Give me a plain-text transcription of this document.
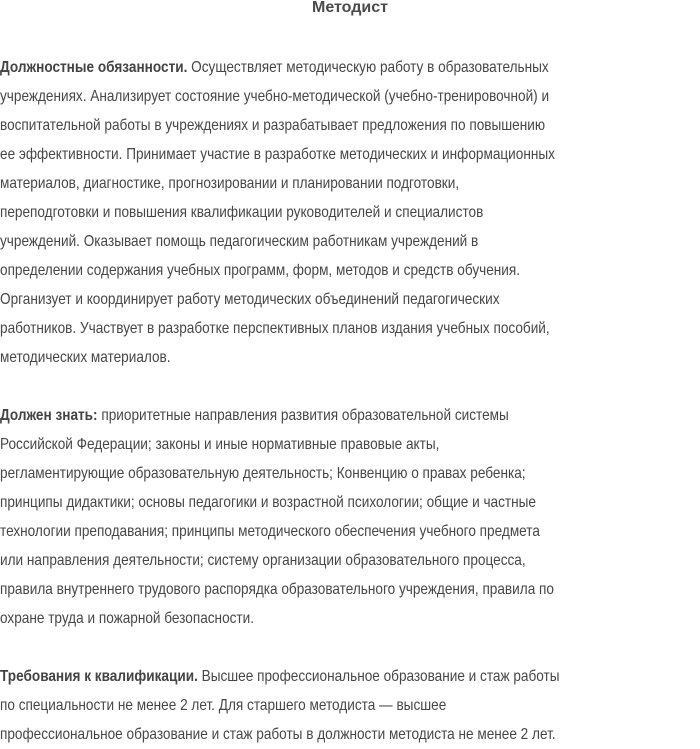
Методист
Должностные обязанности. Осуществляет методическую работу в образовательных
учреждениях. Анализирует состояние учебно-методической (учебно-тренировочной) и
воспитательной работы в учреждениях и разрабатывает предложения по повышению
ее эффективности. Принимает участие в разработке методических и информационных
материалов, диагностике, прогнозировании и планировании подготовки,
переподготовки и повышения квалификации руководителей и специалистов
учреждений. Оказывает помощь педагогическим работникам учреждений в
определении содержания учебных программ, форм, методов и средств обучения.
Организует и координирует работу методических объединений педагогических
работников. Участвует в разработке перспективных планов издания учебных пособий,
методических материалов.
Должен знать: приоритетные направления развития образовательной системы
Российской Федерации; законы и иные нормативные правовые акты,
регламентирующие образовательную деятельность; Конвенцию о правах ребенка;
принципы дидактики; основы педагогики и возрастной психологии; общие и частные
технологии преподавания; принципы методического обеспечения учебного предмета
или направления деятельности; систему организации образовательного процесса,
правила внутреннего трудового распорядка образовательного учреждения, правила по
охране труда и пожарной безопасности.
Требования к квалификации. Высшее профессиональное образование и стаж работы
по специальности не менее 2 лет. Для старшего методиста — высшее
профессиональное образование и стаж работы в должности методиста не менее 2 лет.
